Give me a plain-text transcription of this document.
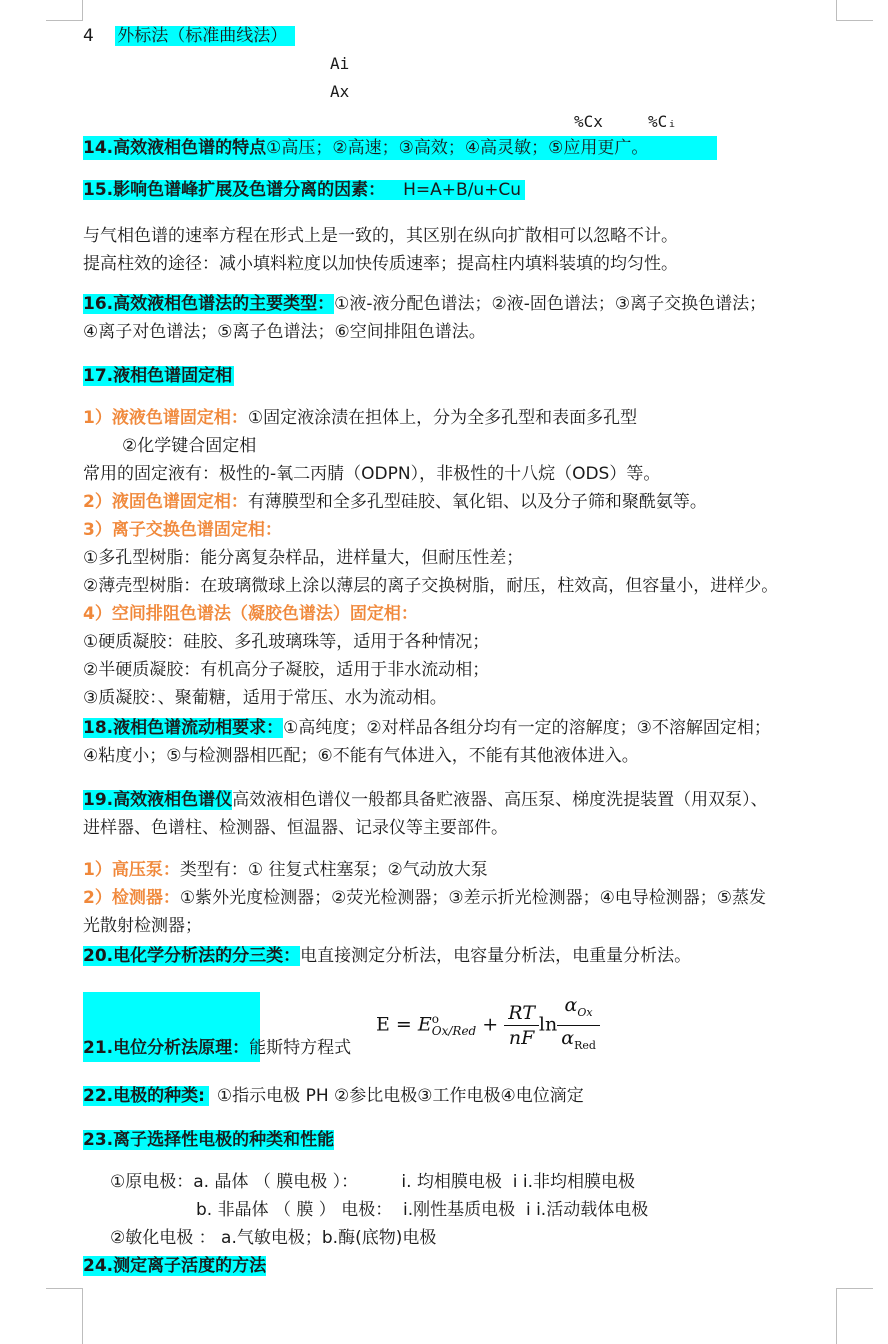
4 外标法（标准曲线法）
Ai
Ax
%Cx	%Cᵢ
14.高效液相色谱的特点①高压；②高速；③高效；④高灵敏；⑤应用更广。
15.影响色谱峰扩展及色谱分离的因素： H=A+B/u+Cu
与气相色谱的速率方程在形式上是一致的，其区别在纵向扩散相可以忽略不计。
提高柱效的途径：减小填料粒度以加快传质速率；提高柱内填料装填的均匀性。
16.高效液相色谱法的主要类型：①液-液分配色谱法；②液-固色谱法；③离子交换色谱法；
④离子对色谱法；⑤离子色谱法；⑥空间排阻色谱法。
17.液相色谱固定相
1）液液色谱固定相：①固定液涂渍在担体上，分为全多孔型和表面多孔型
②化学键合固定相
常用的固定液有：极性的-氧二丙腈（ODPN），非极性的十八烷（ODS）等。
2）液固色谱固定相：有薄膜型和全多孔型硅胶、氧化铝、以及分子筛和聚酰氨等。
3）离子交换色谱固定相：
①多孔型树脂：能分离复杂样品，进样量大，但耐压性差；
②薄壳型树脂：在玻璃微球上涂以薄层的离子交换树脂，耐压，柱效高，但容量小，进样少。
4）空间排阻色谱法（凝胶色谱法）固定相：
①硬质凝胶：硅胶、多孔玻璃珠等，适用于各种情况；
②半硬质凝胶：有机高分子凝胶，适用于非水流动相；
③质凝胶：、聚葡糖，适用于常压、水为流动相。
18.液相色谱流动相要求：①高纯度；②对样品各组分均有一定的溶解度；③不溶解固定相；
④粘度小；⑤与检测器相匹配；⑥不能有气体进入，不能有其他液体进入。
19.高效液相色谱仪高效液相色谱仪一般都具备贮液器、高压泵、梯度洗提装置（用双泵）、
进样器、色谱柱、检测器、恒温器、记录仪等主要部件。
1）高压泵：类型有：① 往复式柱塞泵；②气动放大泵
2）检测器：①紫外光度检测器；②荧光检测器；③差示折光检测器；④电导检测器；⑤蒸发
光散射检测器；
20.电化学分析法的分三类：电直接测定分析法，电容量分析法，电重量分析法。
21.电位分析法原理：能斯特方程式
E = E o
$Ox/Red + \frac{RT}{nF}$ $\ln \frac{\alpha_{Ox}}{\alpha_{Red}}$
22.电极的种类: ①指示电极 PH ②参比电极③工作电极④电位滴定
23.离子选择性电极的种类和性能
①原电极：a. 晶体 （ 膜电极 ）：        i. 均相膜电极  i i.非均相膜电极
b. 非晶体 （ 膜 ） 电极：  i.刚性基质电极  i i.活动载体电极
②敏化电极 ： a.气敏电极；b.酶(底物)电极
24.测定离子活度的方法
